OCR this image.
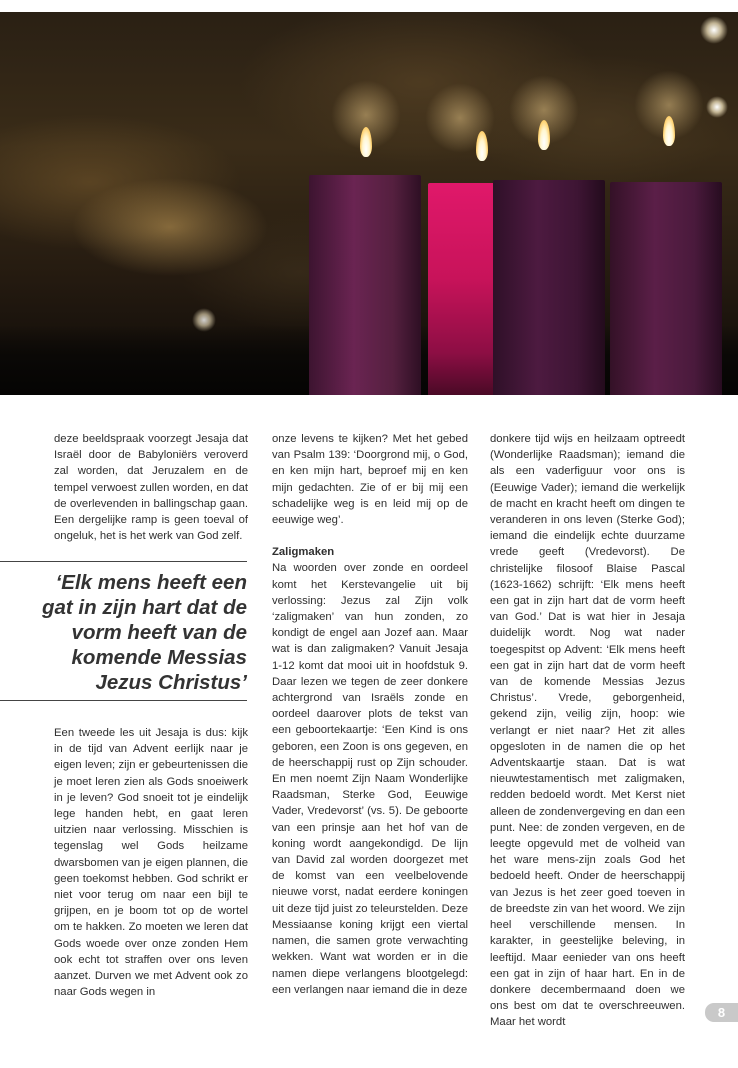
deze beeldspraak voorzegt Jesaja dat Israël door de Babyloniërs veroverd zal worden, dat Jeruzalem en de tempel verwoest zullen worden, en dat de overlevenden in ballingschap gaan. Een dergelijke ramp is geen toeval of ongeluk, het is het werk van God zelf.

‘Elk mens heeft een gat in zijn hart dat de vorm heeft van de komende Messias Jezus Christus’

Een tweede les uit Jesaja is dus: kijk in de tijd van Advent eerlijk naar je eigen leven; zijn er gebeurtenissen die je moet leren zien als Gods snoeiwerk in je leven? God snoeit tot je eindelijk lege handen hebt, en gaat leren uitzien naar verlossing. Misschien is tegenslag wel Gods heilzame dwarsbomen van je eigen plannen, die geen toekomst hebben. God schrikt er niet voor terug om naar een bijl te grijpen, en je boom tot op de wortel om te hakken. Zo moeten we leren dat Gods woede over onze zonden Hem ook echt tot straffen over ons leven aanzet. Durven we met Advent ook zo naar Gods wegen in

onze levens te kijken? Met het gebed van Psalm 139: ‘Doorgrond mij, o God, en ken mijn hart, beproef mij en ken mijn gedachten. Zie of er bij mij een schadelijke weg is en leid mij op de eeuwige weg’.

Zaligmaken

Na woorden over zonde en oordeel komt het Kerstevangelie uit bij verlossing: Jezus zal Zijn volk ‘zaligmaken’ van hun zonden, zo kondigt de engel aan Jozef aan. Maar wat is dan zaligmaken? Vanuit Jesaja 1-12 komt dat mooi uit in hoofdstuk 9. Daar lezen we tegen de zeer donkere achtergrond van Israëls zonde en oordeel daarover plots de tekst van een geboortekaartje: ‘Een Kind is ons geboren, een Zoon is ons gegeven, en de heerschappij rust op Zijn schouder. En men noemt Zijn Naam Wonderlijke Raadsman, Sterke God, Eeuwige Vader, Vredevorst’ (vs. 5). De geboorte van een prinsje aan het hof van de koning wordt aangekondigd. De lijn van David zal worden doorgezet met de komst van een veelbelovende nieuwe vorst, nadat eerdere koningen uit deze tijd juist zo teleurstelden. Deze Messiaanse koning krijgt een viertal namen, die samen grote verwachting wekken. Want wat worden er in die namen diepe verlangens blootgelegd: een verlangen naar iemand die in deze

donkere tijd wijs en heilzaam optreedt (Wonderlijke Raadsman); iemand die als een vaderfiguur voor ons is (Eeuwige Vader); iemand die werkelijk de macht en kracht heeft om dingen te veranderen in ons leven (Sterke God); iemand die eindelijk echte duurzame vrede geeft (Vredevorst). De christelijke filosoof Blaise Pascal (1623-1662) schrijft: ‘Elk mens heeft een gat in zijn hart dat de vorm heeft van God.’ Dat is wat hier in Jesaja duidelijk wordt. Nog wat nader toegespitst op Advent: ‘Elk mens heeft een gat in zijn hart dat de vorm heeft van de komende Messias Jezus Christus’. Vrede, geborgenheid, gekend zijn, veilig zijn, hoop: wie verlangt er niet naar? Het zit alles opgesloten in de namen die op het Adventskaartje staan. Dat is wat nieuwtestamentisch met zaligmaken, redden bedoeld wordt. Met Kerst niet alleen de zondenvergeving en dan een punt. Nee: de zonden vergeven, en de leegte opgevuld met de volheid van het ware mens-zijn zoals God het bedoeld heeft. Onder de heerschappij van Jezus is het zeer goed toeven in de breedste zin van het woord. We zijn heel verschillende mensen. In karakter, in geestelijke beleving, in leeftijd. Maar eenieder van ons heeft een gat in zijn of haar hart. En in de donkere decembermaand doen we ons best om dat te overschreeuwen. Maar het wordt

8
